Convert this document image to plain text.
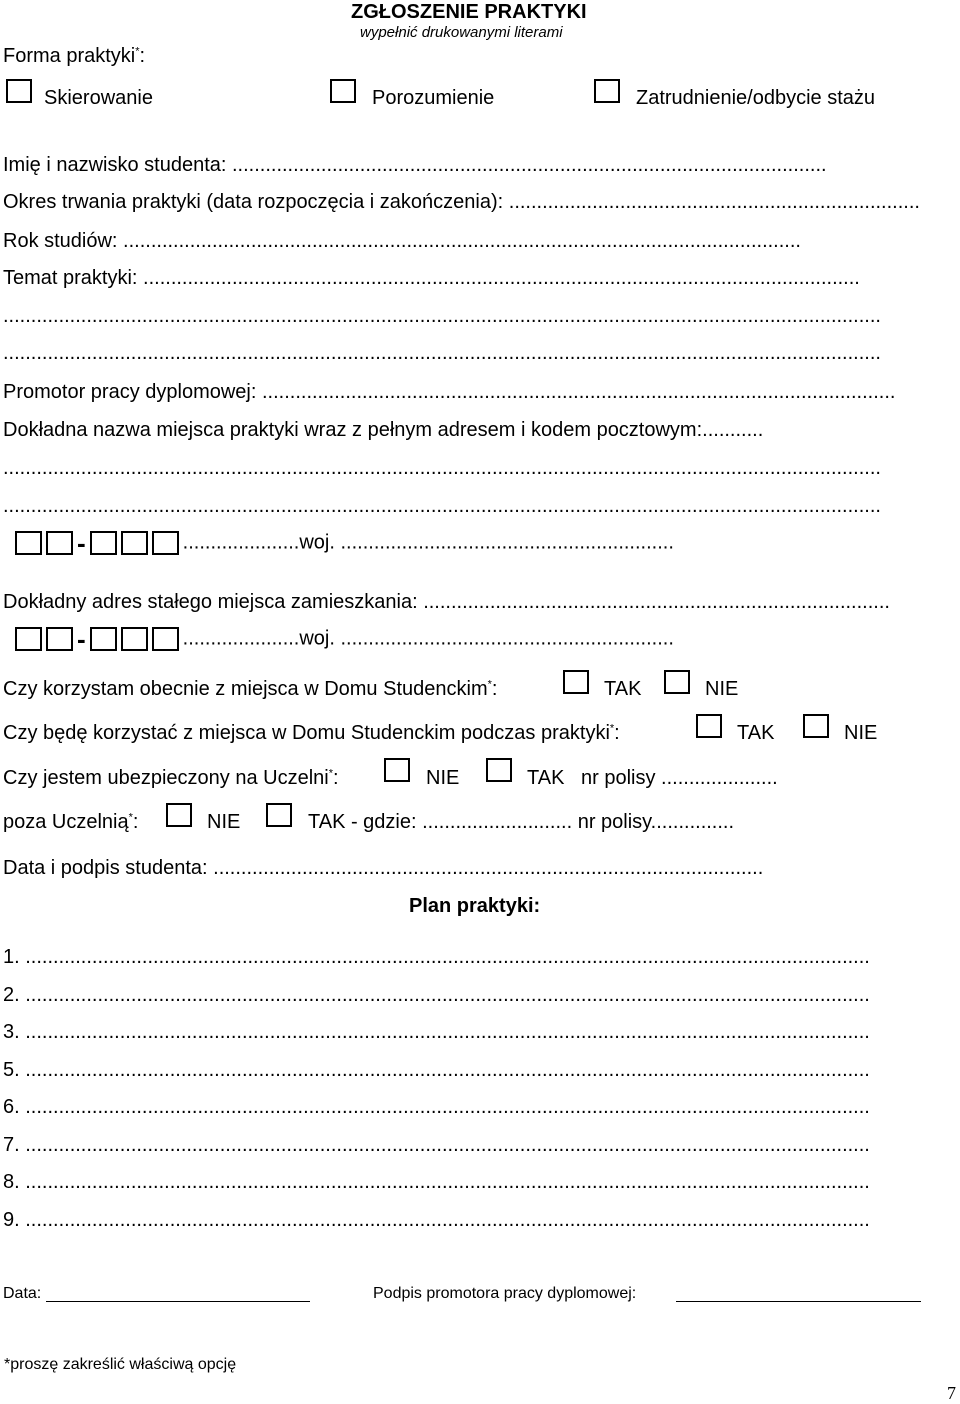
ZGŁOSZENIE PRAKTYKI
wypełnić drukowanymi literami
Forma praktyki*:
Skierowanie	Porozumienie	Zatrudnienie/odbycie stażu
Imię i nazwisko studenta: ...........................................................................................................
Okres trwania praktyki (data rozpoczęcia i zakończenia): ..........................................................................
Rok studiów: ..........................................................................................................................
Temat praktyki: .................................................................................................................................
..............................................................................................................................................................
..............................................................................................................................................................
Promotor pracy dyplomowej: ..................................................................................................................
Dokładna nazwa miejsca praktyki wraz z pełnym adresem i kodem pocztowym:...........
..............................................................................................................................................................
..............................................................................................................................................................
-	.....................woj. ............................................................
Dokładny adres stałego miejsca zamieszkania: ....................................................................................
-	.....................woj. ............................................................
Czy korzystam obecnie z miejsca w Domu Studenckim*:	TAK	NIE
Czy będę korzystać z miejsca w Domu Studenckim podczas praktyki*:	TAK	NIE
Czy jestem ubezpieczony na Uczelni*:	NIE	TAK nr polisy .....................
poza Uczelnią*:	NIE	TAK - gdzie: ........................... nr polisy...............
Data i podpis studenta: ...................................................................................................
Plan praktyki:
1. ........................................................................................................................................................
2. ........................................................................................................................................................
3. ........................................................................................................................................................
5. ........................................................................................................................................................
6. ........................................................................................................................................................
7. ........................................................................................................................................................
8. ........................................................................................................................................................
9. ........................................................................................................................................................
Data:	Podpis promotora pracy dyplomowej:
*proszę zakreślić właściwą opcję
7
